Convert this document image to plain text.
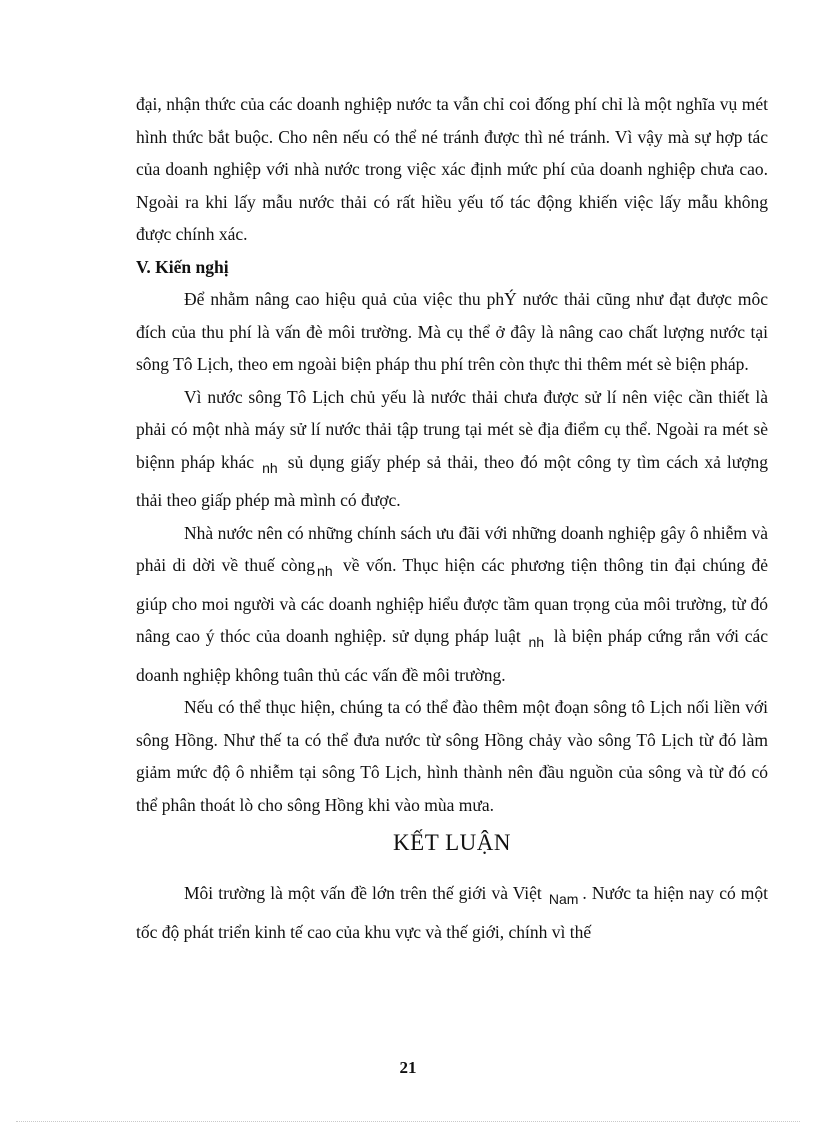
đại, nhận thức của các doanh nghiệp nước ta vẫn chỉ coi đống phí chỉ là một nghĩa vụ mét hình thức bắt buộc. Cho nên nếu có thể né tránh được thì né tránh. Vì vậy mà sự hợp tác của doanh nghiệp với nhà nước trong việc xác định mức phí của doanh nghiệp chưa cao. Ngoài ra khi lấy mẫu nước thải có rất hiều yếu tố tác động khiến việc lấy mẫu không được chính xác.

V. Kiến nghị

Để nhằm nâng cao hiệu quả của việc thu phÝ nước thải cũng như đạt được môc đích của thu phí là vấn đè môi trường. Mà cụ thể ở đây là nâng cao chất lượng nước tại sông Tô Lịch, theo em ngoài biện pháp thu phí trên còn thực thi thêm mét sè biện pháp.

Vì nước sông Tô Lịch chủ yếu là nước thải chưa được sử lí nên việc cần thiết là phải có một nhà máy sử lí nước thải tập trung tại mét sè địa điểm cụ thể. Ngoài ra mét sè biệnn pháp khác $_{nh}$ sủ dụng giấy phép sả thải, theo đó một công ty tìm cách xả lượng thải theo giấp phép mà mình có được.

Nhà nước nên có những chính sách ưu đãi với những doanh nghiệp gây ô nhiễm và phải di dời về thuế còng $_{nh}$ về vốn. Thục hiện các phương tiện thông tin đại chúng đẻ giúp cho moi người và các doanh nghiệp hiểu được tầm quan trọng của môi trường, từ đó nâng cao ý thóc của doanh nghiệp. sử dụng pháp luật $_{nh}$ là biện pháp cứng rắn với các doanh nghiệp không tuân thủ các vấn đề môi trường.

Nếu có thể thục hiện, chúng ta có thể đào thêm một đoạn sông tô Lịch nối liền với sông Hồng. Như thế ta có thể đưa nước từ sông Hồng chảy vào sông Tô Lịch từ đó làm giảm mức độ ô nhiễm tại sông Tô Lịch, hình thành nên đầu nguồn của sông và từ đó có thể phân thoát lò cho sông Hồng khi vào mùa mưa.

KẾT LUẬN

Môi trường là một vấn đề lớn trên thế giới và Việt $_{Nam}$ . Nước ta hiện nay có một tốc độ phát triển kinh tế cao của khu vực và thế giới, chính vì thế

21
